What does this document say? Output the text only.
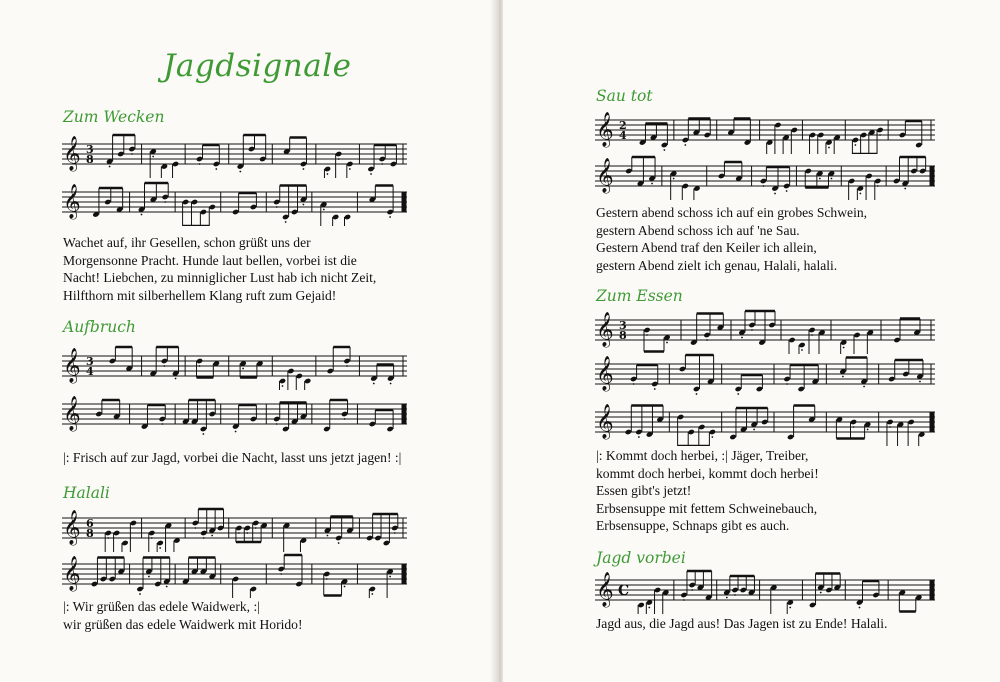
Jagdsignale
Zum Wecken
𝄞 3
8
𝄞
Wachet auf, ihr Gesellen, schon grüßt uns der
Morgensonne Pracht. Hunde laut bellen, vorbei ist die
Nacht! Liebchen, zu minniglicher Lust hab ich nicht Zeit,
Hilfthorn mit silberhellem Klang ruft zum Gejaid!
Aufbruch
𝄞 3
4
𝄞
|: Frisch auf zur Jagd, vorbei die Nacht, lasst uns jetzt jagen! :|
Halali
𝄞 6
8
𝄞
|: Wir grüßen das edele Waidwerk, :|
wir grüßen das edele Waidwerk mit Horido!
Sau tot
𝄞 2
4
𝄞
Gestern abend schoss ich auf ein grobes Schwein,
gestern Abend schoss ich auf 'ne Sau.
Gestern Abend traf den Keiler ich allein,
gestern Abend zielt ich genau, Halali, halali.
Zum Essen
𝄞 3
8
𝄞
𝄞
|: Kommt doch herbei, :| Jäger, Treiber,
kommt doch herbei, kommt doch herbei!
Essen gibt's jetzt!
Erbsensuppe mit fettem Schweinebauch,
Erbsensuppe, Schnaps gibt es auch.
Jagd vorbei
𝄞 C
Jagd aus, die Jagd aus! Das Jagen ist zu Ende! Halali.
